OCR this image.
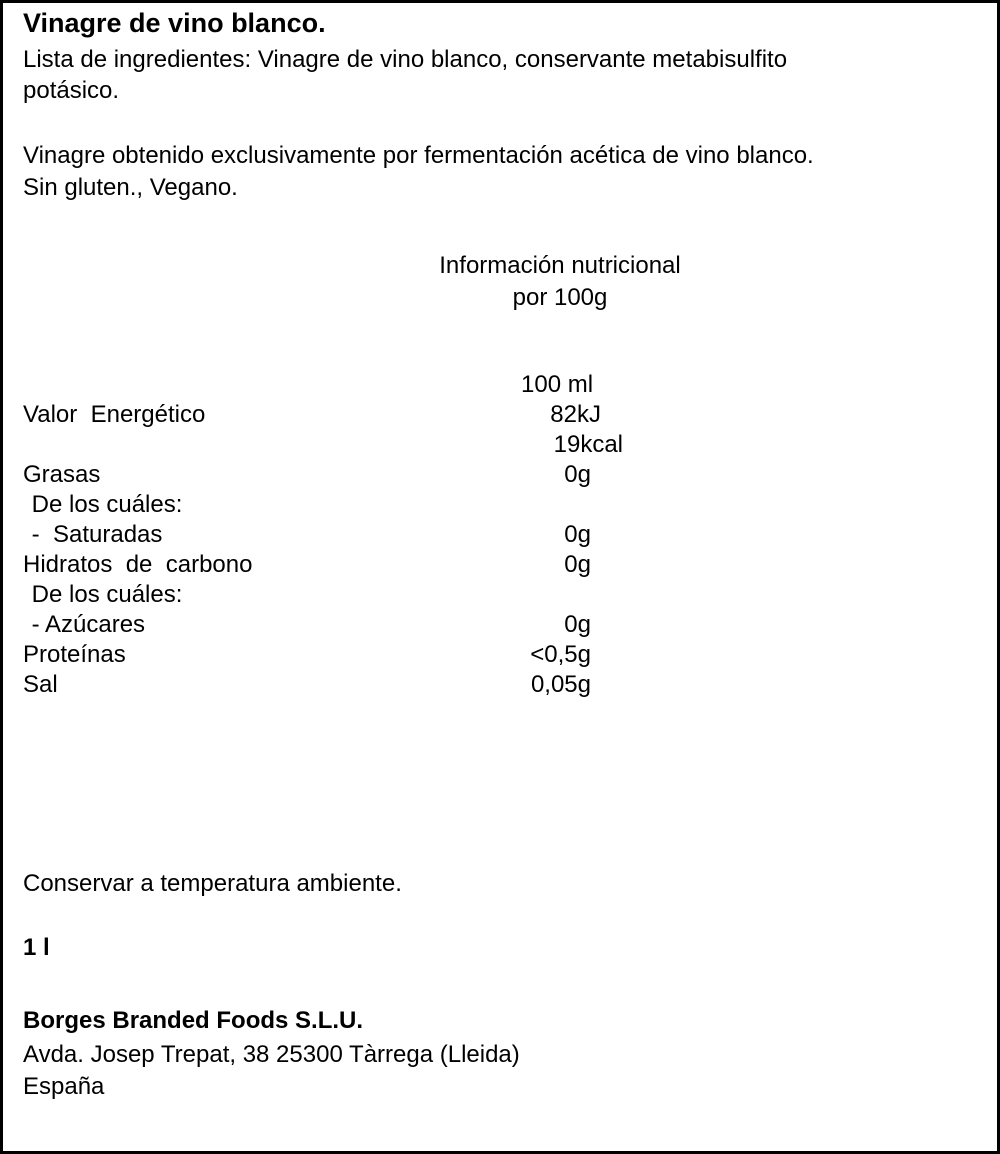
Vinagre de vino blanco.
Lista de ingredientes: Vinagre de vino blanco, conservante metabisulfito
potásico.
Vinagre obtenido exclusivamente por fermentación acética de vino blanco.
Sin gluten., Vegano.
Información nutricional
por 100g
100 ml
Valor  Energético	82kJ
19kcal
Grasas	0g
De los cuáles:
-  Saturadas	0g
Hidratos  de  carbono	0g
De los cuáles:
- Azúcares	0g
Proteínas	<0,5g
Sal	0,05g
Conservar a temperatura ambiente.
1 l
Borges Branded Foods S.L.U.
Avda. Josep Trepat, 38 25300 Tàrrega (Lleida)
España
